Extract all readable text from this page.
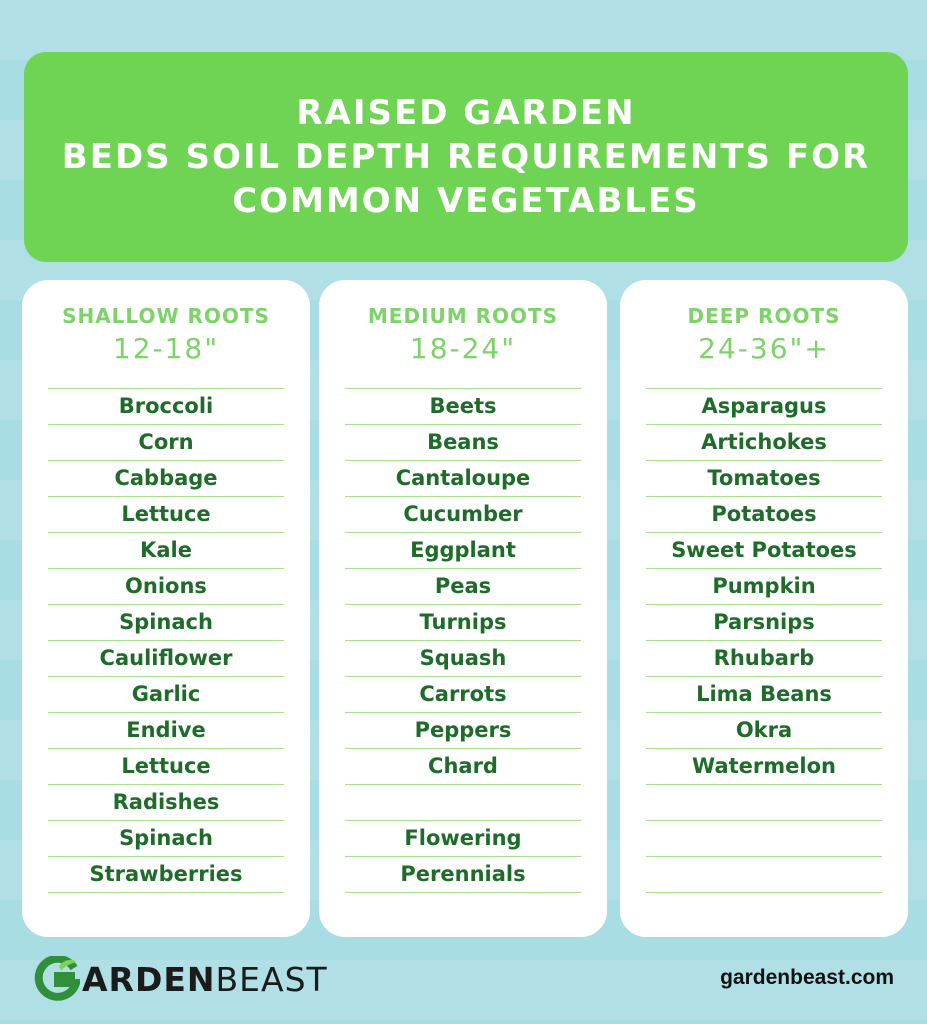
RAISED GARDEN
BEDS SOIL DEPTH REQUIREMENTS FOR
COMMON VEGETABLES
SHALLOW ROOTS
12-18"
Broccoli
Corn
Cabbage
Lettuce
Kale
Onions
Spinach
Cauliflower
Garlic
Endive
Lettuce
Radishes
Spinach
Strawberries
MEDIUM ROOTS
18-24"
Beets
Beans
Cantaloupe
Cucumber
Eggplant
Peas
Turnips
Squash
Carrots
Peppers
Chard
Flowering
Perennials
DEEP ROOTS
24-36"+
Asparagus
Artichokes
Tomatoes
Potatoes
Sweet Potatoes
Pumpkin
Parsnips
Rhubarb
Lima Beans
Okra
Watermelon
ARDENBEAST	gardenbeast.com
